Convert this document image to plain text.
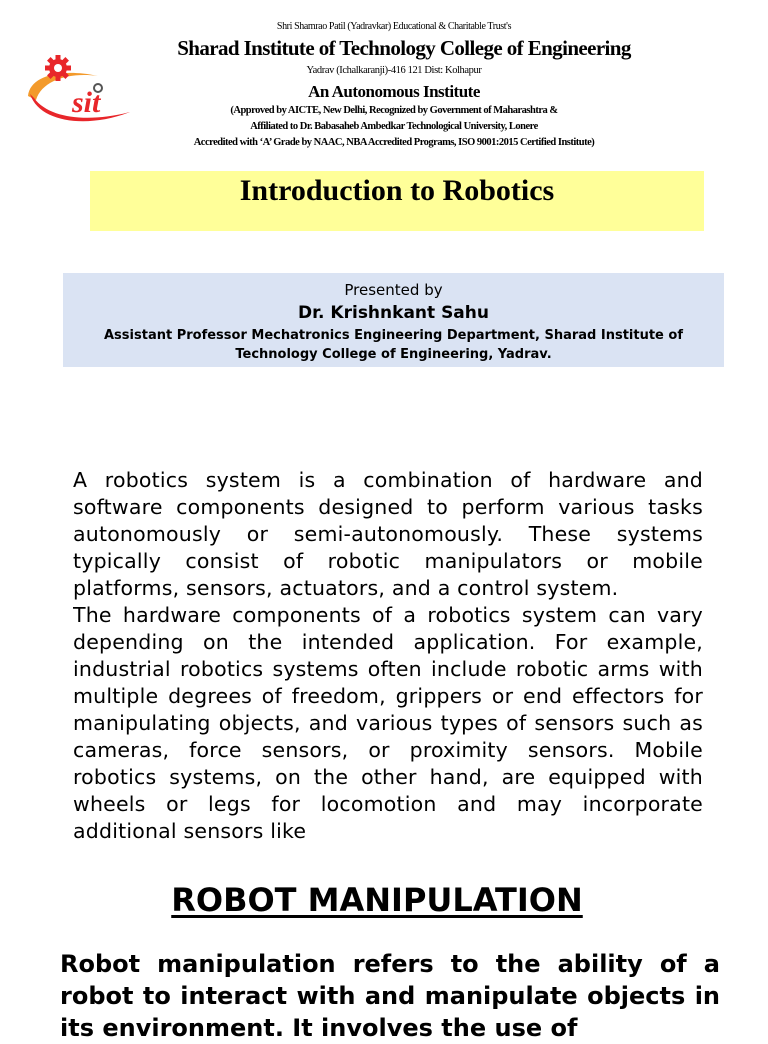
Shri Shamrao Patil (Yadravkar) Educational & Charitable Trust's
Sharad Institute of Technology College of Engineering
Yadrav (Ichalkaranji)-416 121 Dist: Kolhapur
An Autonomous Institute
(Approved by AICTE, New Delhi, Recognized by Government of Maharashtra &
Affiliated to Dr. Babasaheb Ambedkar Technological University, Lonere
Accredited with ‘A’ Grade by NAAC, NBA Accredited Programs, ISO 9001:2015 Certified Institute)
sit
Introduction to Robotics
Presented by
Dr. Krishnkant Sahu
Assistant Professor Mechatronics Engineering Department, Sharad Institute of Technology College of Engineering, Yadrav.

A robotics system is a combination of hardware and software components designed to perform various tasks autonomously or semi-autonomously. These systems typically consist of robotic manipulators or mobile platforms, sensors, actuators, and a control system.

The hardware components of a robotics system can vary depending on the intended application. For example, industrial robotics systems often include robotic arms with multiple degrees of freedom, grippers or end effectors for manipulating objects, and various types of sensors such as cameras, force sensors, or proximity sensors. Mobile robotics systems, on the other hand, are equipped with wheels or legs for locomotion and may incorporate additional sensors like

ROBOT MANIPULATION
Robot manipulation refers to the ability of a robot to interact with and manipulate objects in its environment. It involves the use of
